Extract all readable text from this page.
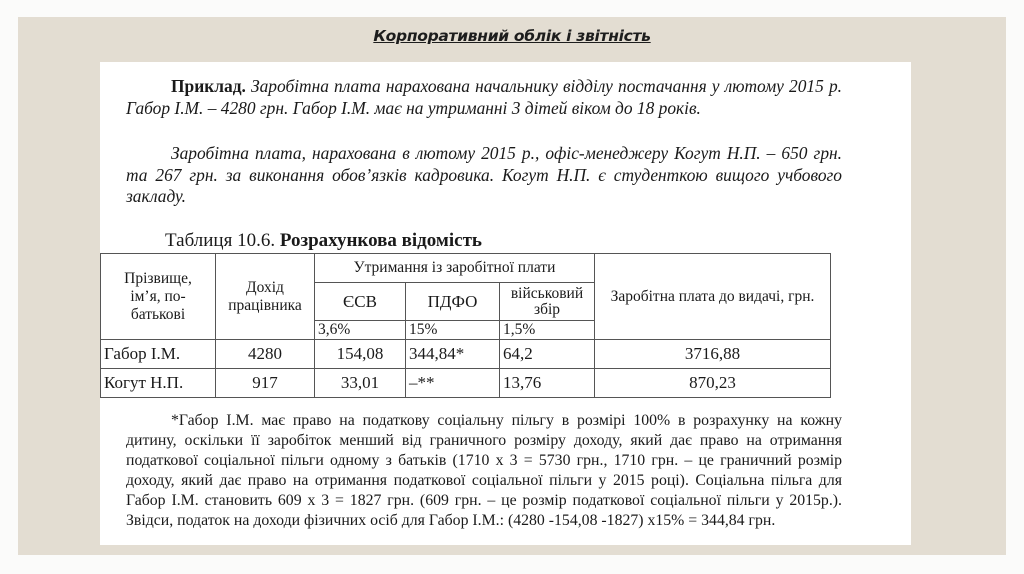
Корпоративний облік і звітність
Приклад. Заробітна плата нарахована начальнику відділу постачання у лютому 2015 р. Габор І.М. – 4280 грн. Габор І.М. має на утриманні 3 дітей віком до 18 років.
Заробітна плата, нарахована в лютому 2015 р., офіс-менеджеру Когут Н.П. – 650 грн. та 267 грн. за виконання обов’язків кадровика. Когут Н.П. є студенткою вищого учбового закладу.
Таблиця 10.6. Розрахункова відомість
Прізвище, ім’я, по-батькові	Дохід працівника	Утримання із заробітної плати			Заробітна плата до видачі, грн.
		ЄСВ	ПДФО	військовий збір	
		3,6%	15%	1,5%	

Габор І.М.	4280	154,08	344,84*	64,2	3716,88
Когут Н.П.	917	33,01	–**	13,76	870,23
*Габор І.М. має право на податкову соціальну пільгу в розмірі 100% в розрахунку на кожну дитину, оскільки її заробіток менший від граничного розміру доходу, який дає право на отримання податкової соціальної пільги одному з батьків (1710 х 3 = 5730 грн., 1710 грн. – це граничний розмір доходу, який дає право на отримання податкової соціальної пільги у 2015 році). Соціальна пільга для Габор І.М. становить 609 х 3 = 1827 грн. (609 грн. – це розмір податкової соціальної пільги у 2015р.). Звідси, податок на доходи фізичних осіб для Габор І.М.: (4280 -154,08 -1827) х15% = 344,84 грн.
